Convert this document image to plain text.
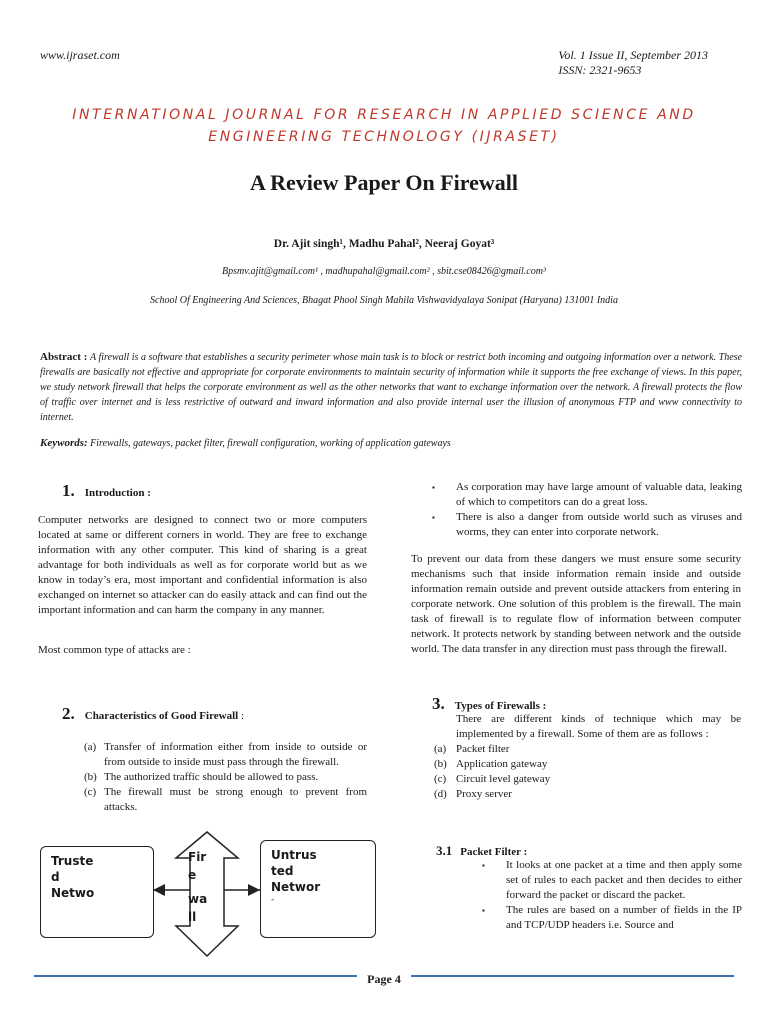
www.ijraset.com	Vol. 1 Issue II, September 2013
ISSN: 2321-9653
INTERNATIONAL JOURNAL FOR RESEARCH IN APPLIED SCIENCE AND
ENGINEERING TECHNOLOGY (IJRASET)
A Review Paper On Firewall
Dr. Ajit singh¹, Madhu Pahal², Neeraj Goyat³
Bpsmv.ajit@gmail.com¹ , madhupahal@gmail.com² , sbit.cse08426@gmail.com³
School Of Engineering And Sciences, Bhagat Phool Singh Mahila Vishwavidyalaya Sonipat (Haryana) 131001 India
Abstract : A firewall is a software that establishes a security perimeter whose main task is to block or restrict both incoming and outgoing information over a network. These firewalls are basically not effective and appropriate for corporate environments to maintain security of information while it supports the free exchange of views. In this paper, we study network firewall that helps the corporate environment as well as the other networks that want to exchange information over the network. A firewall protects the flow of traffic over internet and is less restrictive of outward and inward information and also provide internal user the illusion of anonymous FTP and www connectivity to internet.
Keywords: Firewalls, gateways, packet filter, firewall configuration, working of application gateways
1. Introduction :
Computer networks are designed to connect two or more computers located at same or different corners in world. They are free to exchange information with any other computer. This kind of sharing is a great advantage for both individuals as well as for corporate world but as we know in today’s era, most important and confidential information is also exchanged on internet so attacker can do easily attack and can find out the important information and can harm the company in any manner.
Most common type of attacks are :
2. Characteristics of Good Firewall :
(a) Transfer of information either from inside to outside or from outside to inside must pass through the firewall.
(b) The authorized traffic should be allowed to pass.
(c) The firewall must be strong enough to prevent from attacks.
Truste
d
Netwo
Fir
e
wa
ll
Untrus
ted
Networ
-
▪	As corporation may have large amount of valuable data, leaking of which to competitors can do a great loss.
▪	There is also a danger from outside world such as viruses and worms, they can enter into corporate network.
To prevent our data from these dangers we must ensure some security mechanisms such that inside information remain inside and outside information remain outside and prevent outside attackers from entering in corporate network. One solution of this problem is the firewall. The main task of firewall is to regulate flow of information between computer network. It protects network by standing between network and the outside world. The data transfer in any direction must pass through the firewall.
3. Types of Firewalls :
There are different kinds of technique which may be implemented by a firewall. Some of them are as follows :
(a) Packet filter
(b) Application gateway
(c) Circuit level gateway
(d) Proxy server
3.1 Packet Filter :
▪	It looks at one packet at a time and then apply some set of rules to each packet and then decides to either forward the packet or discard the packet.
▪	The rules are based on a number of fields in the IP and TCP/UDP headers i.e. Source and
Page 4
